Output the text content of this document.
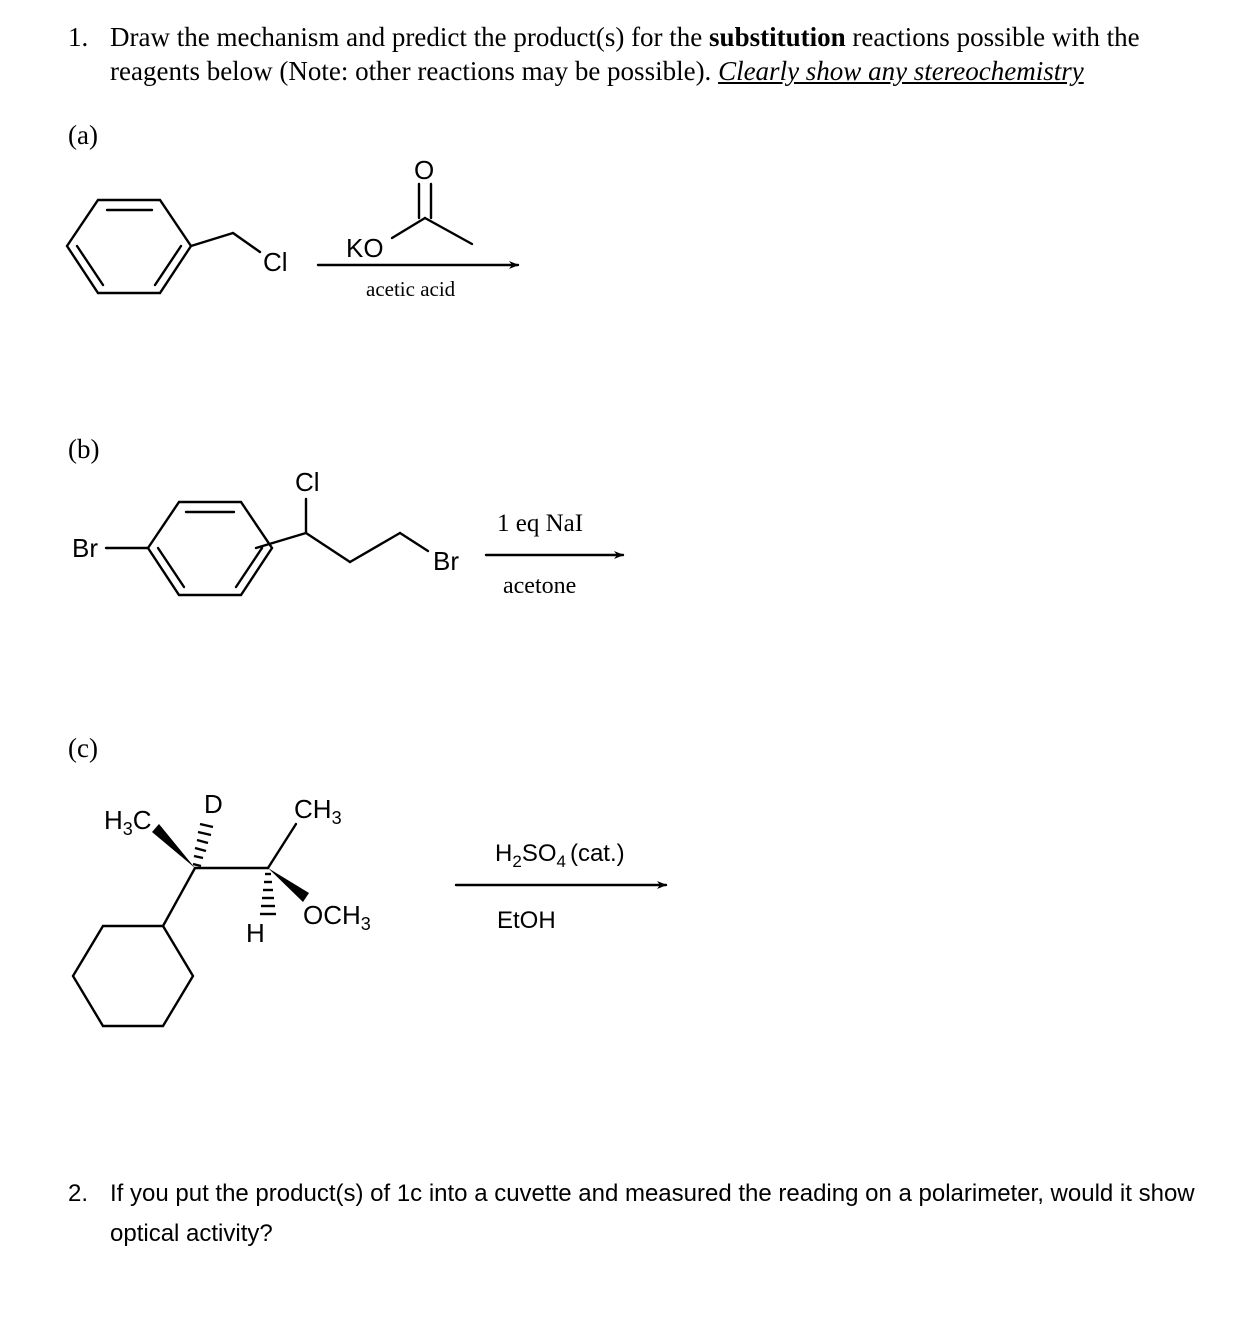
1. Draw the mechanism and predict the product(s) for the substitution reactions possible with the reagents below (Note: other reactions may be possible). Clearly show any stereochemistry
(a)
(b)
(c)
Cl KO
O
acetic acid
Br
Cl
Br
1 eq NaI
acetone
$H_3C$
D	$CH_3$
$OCH_3$
H
$H_2SO_4$ (cat.)
EtOH
2. If you put the product(s) of 1c into a cuvette and measured the reading on a polarimeter, would it show optical activity?
